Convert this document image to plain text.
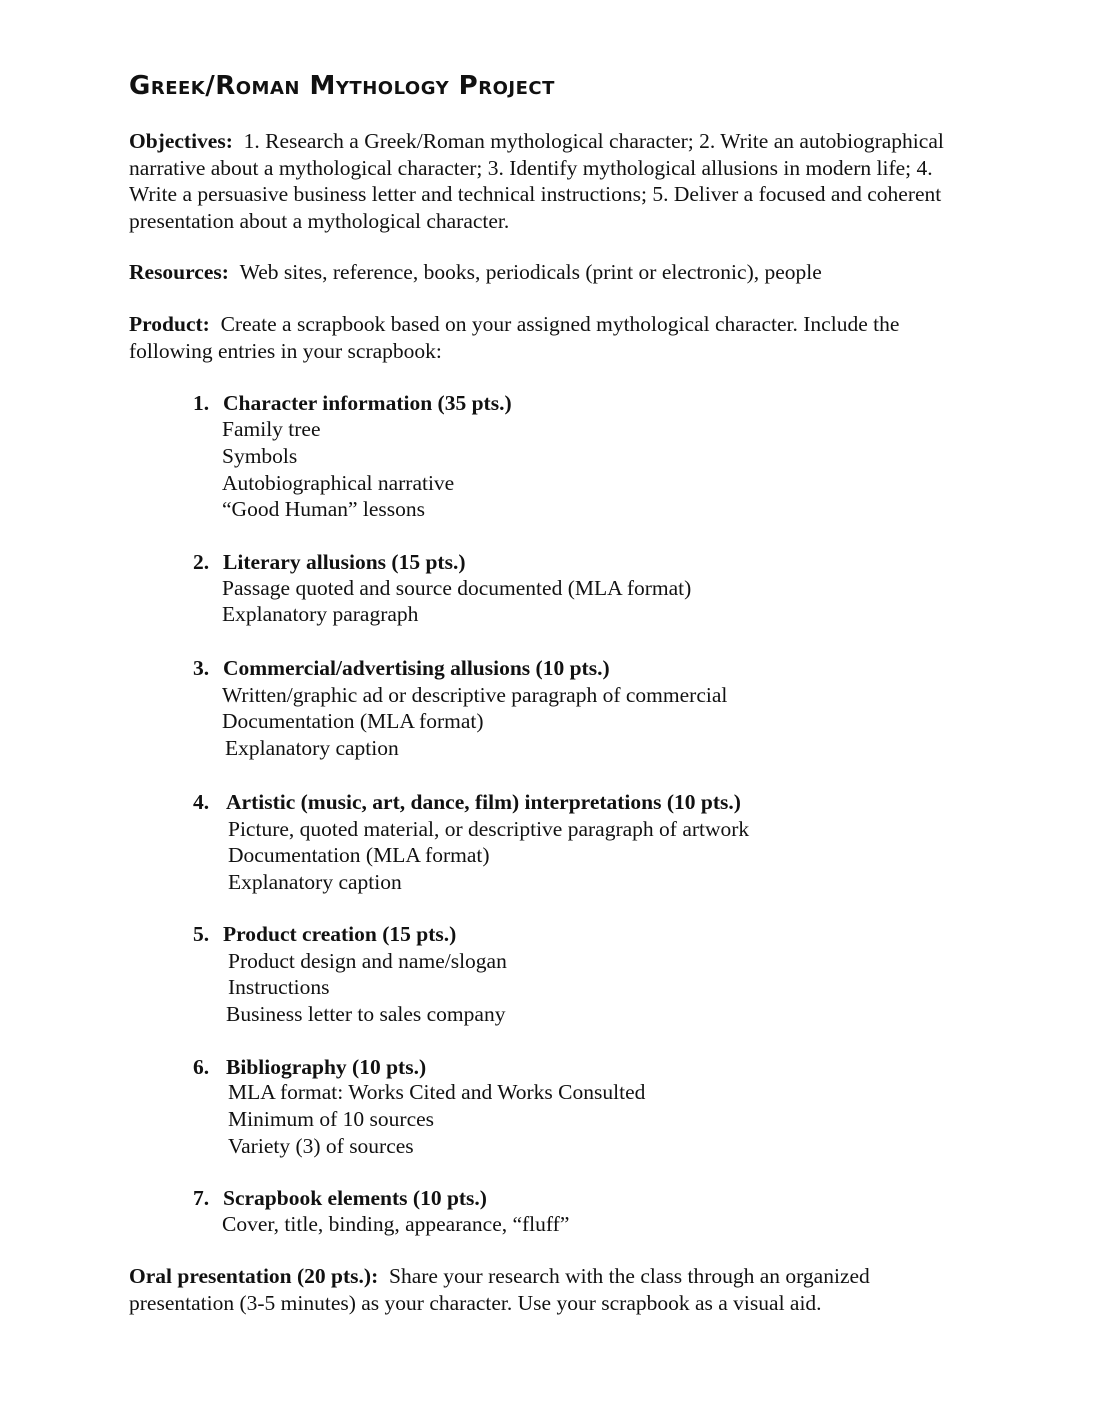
Greek/Roman Mythology Project

Objectives: 1. Research a Greek/Roman mythological character; 2. Write an autobiographical narrative about a mythological character; 3. Identify mythological allusions in modern life; 4. Write a persuasive business letter and technical instructions; 5. Deliver a focused and coherent presentation about a mythological character.

Resources: Web sites, reference, books, periodicals (print or electronic), people

Product: Create a scrapbook based on your assigned mythological character. Include the following entries in your scrapbook:

1. Character information (35 pts.)
Family tree
Symbols
Autobiographical narrative
“Good Human” lessons
2. Literary allusions (15 pts.)
Passage quoted and source documented (MLA format)
Explanatory paragraph
3. Commercial/advertising allusions (10 pts.)
Written/graphic ad or descriptive paragraph of commercial
Documentation (MLA format)
Explanatory caption
4. Artistic (music, art, dance, film) interpretations (10 pts.)
Picture, quoted material, or descriptive paragraph of artwork
Documentation (MLA format)
Explanatory caption
5. Product creation (15 pts.)
Product design and name/slogan
Instructions
Business letter to sales company
6. Bibliography (10 pts.)
MLA format: Works Cited and Works Consulted
Minimum of 10 sources
Variety (3) of sources
7. Scrapbook elements (10 pts.)
Cover, title, binding, appearance, “fluff”

Oral presentation (20 pts.): Share your research with the class through an organized presentation (3-5 minutes) as your character. Use your scrapbook as a visual aid.
